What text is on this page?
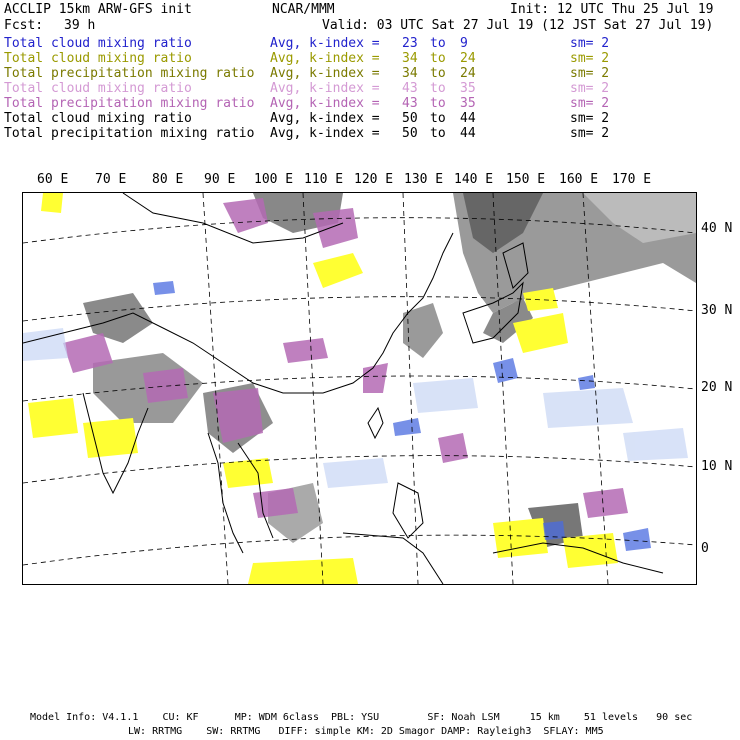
ACCLIP 15km ARW-GFS init	NCAR/MMM	Init: 12 UTC Thu 25 Jul 19
Fcst: 39 h	Valid: 03 UTC Sat 27 Jul 19 (12 JST Sat 27 Jul 19)
Total cloud mixing ratio	Avg, k-index = 23 to 9	sm= 2
Total cloud mixing ratio	Avg, k-index = 34 to 24	sm= 2
Total precipitation mixing ratio Avg, k-index = 34 to 24	sm= 2
Total cloud mixing ratio	Avg, k-index = 43 to 35	sm= 2
Total precipitation mixing ratio Avg, k-index = 43 to 35	sm= 2
Total cloud mixing ratio	Avg, k-index = 50 to 44	sm= 2
Total precipitation mixing ratio Avg, k-index = 50 to 44	sm= 2
60 E 70 E 80 E 90 E 100 E 110 E 120 E 130 E 140 E 150 E 160 E 170 E
40 N
30 N
20 N
10 N
0
Model Info: V4.1.1    CU: KF      MP: WDM 6class  PBL: YSU        SF: Noah LSM     15 km    51 levels   90 sec
LW: RRTMG    SW: RRTMG   DIFF: simple KM: 2D Smagor DAMP: Rayleigh3  SFLAY: MM5
